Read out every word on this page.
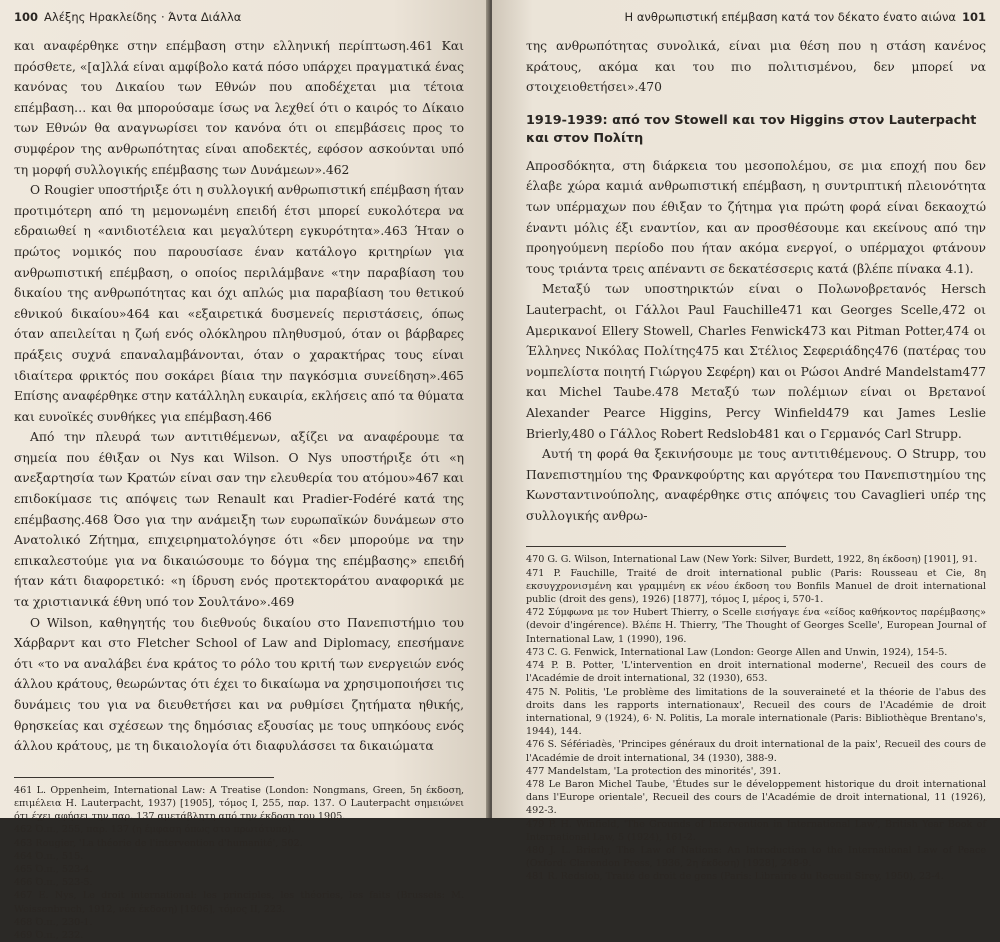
100 Αλέξης Ηρακλείδης · Άντα Διάλλα

και αναφέρθηκε στην επέμβαση στην ελληνική περίπτωση.461 Και πρόσθετε, «[α]λλά είναι αμφίβολο κατά πόσο υπάρχει πραγματικά ένας κανόνας του Δικαίου των Εθνών που αποδέχεται μια τέτοια επέμβαση… και θα μπορούσαμε ίσως να λεχθεί ότι ο καιρός το Δίκαιο των Εθνών θα αναγνωρίσει τον κανόνα ότι οι επεμβάσεις προς το συμφέρον της ανθρωπότητας είναι αποδεκτές, εφόσον ασκούνται υπό τη μορφή συλλογικής επέμβασης των Δυνάμεων».462

Ο Rougier υποστήριξε ότι η συλλογική ανθρωπιστική επέμβαση ήταν προτιμότερη από τη μεμονωμένη επειδή έτσι μπορεί ευκολότερα να εδραιωθεί η «ανιδιοτέλεια και μεγαλύτερη εγκυρότητα».463 Ήταν ο πρώτος νομικός που παρουσίασε έναν κατάλογο κριτηρίων για ανθρωπιστική επέμβαση, ο οποίος περιλάμβανε «την παραβίαση του δικαίου της ανθρωπότητας και όχι απλώς μια παραβίαση του θετικού εθνικού δικαίου»464 και «εξαιρετικά δυσμενείς περιστάσεις, όπως όταν απειλείται η ζωή ενός ολόκληρου πληθυσμού, όταν οι βάρβαρες πράξεις συχνά επαναλαμβάνονται, όταν ο χαρακτήρας τους είναι ιδιαίτερα φρικτός που σοκάρει βίαια την παγκόσμια συνείδηση».465 Επίσης αναφέρθηκε στην κατάλληλη ευκαιρία, εκλήσεις από τα θύματα και ευνοϊκές συνθήκες για επέμβαση.466

Από την πλευρά των αντιτιθέμενων, αξίζει να αναφέρουμε τα σημεία που έθιξαν οι Nys και Wilson. Ο Nys υποστήριξε ότι «η ανεξαρτησία των Κρατών είναι σαν την ελευθερία του ατόμου»467 και επιδοκίμασε τις απόψεις των Renault και Pradier-Fodéré κατά της επέμβασης.468 Όσο για την ανάμειξη των ευρωπαϊκών δυνάμεων στο Ανατολικό Ζήτημα, επιχειρηματολόγησε ότι «δεν μπορούμε να την επικαλεστούμε για να δικαιώσουμε το δόγμα της επέμβασης» επειδή ήταν κάτι διαφορετικό: «η ίδρυση ενός προτεκτοράτου αναφορικά με τα χριστιανικά έθνη υπό τον Σουλτάνο».469

Ο Wilson, καθηγητής του διεθνούς δικαίου στο Πανεπιστήμιο του Χάρβαρντ και στο Fletcher School of Law and Diplomacy, επεσήμανε ότι «το να αναλάβει ένα κράτος το ρόλο του κριτή των ενεργειών ενός άλλου κράτους, θεωρώντας ότι έχει το δικαίωμα να χρησιμοποιήσει τις δυνάμεις του για να διευθετήσει και να ρυθμίσει ζητήματα ηθικής, θρησκείας και σχέσεων της δημόσιας εξουσίας με τους υπηκόους ενός άλλου κράτους, με τη δικαιολογία ότι διαφυλάσσει τα δικαιώματα

461 L. Oppenheim, International Law: A Treatise (London: Nongmans, Green, 5η έκδοση, επιμέλεια H. Lauterpacht, 1937) [1905], τόμος I, 255, παρ. 137. Ο Lauterpacht σημειώνει ότι έχει αφήσει την παρ. 137 αμετάβλητη από την έκδοση του 1905.

462 Ό.π., 255, παρ. 137 (η έμφαση όπως στο πρωτότυπο).

463 Rougier, 'La théorie de l'intervention d'humanité', 502.

464 Ό.π., 515.

465 Ό.π., 523-4.

466 Ό.π., 523-5.

467 E. Nys, Le droit international: les principles, les théories, les faits (Brussels: M. Weissenbruch, 1912, νέα έκδοση) [1906], τόμος II, 223.

468 Ό.π., 230-1.

469 Ό.π., 232.

Η ανθρωπιστική επέμβαση κατά τον δέκατο ένατο αιώνα 101

της ανθρωπότητας συνολικά, είναι μια θέση που η στάση κανένος κράτους, ακόμα και του πιο πολιτισμένου, δεν μπορεί να στοιχειοθετήσει».470

1919-1939: από τον Stowell και τον Higgins στον Lauterpacht και στον Πολίτη

Απροσδόκητα, στη διάρκεια του μεσοπολέμου, σε μια εποχή που δεν έλαβε χώρα καμιά ανθρωπιστική επέμβαση, η συντριπτική πλειονότητα των υπέρμαχων που έθιξαν το ζήτημα για πρώτη φορά είναι δεκαοχτώ έναντι μόλις έξι εναντίον, και αν προσθέσουμε και εκείνους από την προηγούμενη περίοδο που ήταν ακόμα ενεργοί, ο υπέρμαχοι φτάνουν τους τριάντα τρεις απέναντι σε δεκατέσσερις κατά (βλέπε πίνακα 4.1).

Μεταξύ των υποστηρικτών είναι ο Πολωνοβρετανός Hersch Lauterpacht, οι Γάλλοι Paul Fauchille471 και Georges Scelle,472 οι Αμερικανοί Ellery Stowell, Charles Fenwick473 και Pitman Potter,474 οι Έλληνες Νικόλας Πολίτης475 και Στέλιος Σεφεριάδης476 (πατέρας του νομπελίστα ποιητή Γιώργου Σεφέρη) και οι Ρώσοι André Mandelstam477 και Michel Taube.478 Μεταξύ των πολέμιων είναι οι Βρετανοί Alexander Pearce Higgins, Percy Winfield479 και James Leslie Brierly,480 ο Γάλλος Robert Redslob481 και ο Γερμανός Carl Strupp.

Αυτή τη φορά θα ξεκινήσουμε με τους αντιτιθέμενους. Ο Strupp, του Πανεπιστημίου της Φρανκφούρτης και αργότερα του Πανεπιστημίου της Κωνσταντινούπολης, αναφέρθηκε στις απόψεις του Cavaglieri υπέρ της συλλογικής ανθρω-

470 G. G. Wilson, International Law (New York: Silver, Burdett, 1922, 8η έκδοση) [1901], 91.

471 P. Fauchille, Traité de droit international public (Paris: Rousseau et Cie, 8η εκσυγχρονισμένη και γραμμένη εκ νέου έκδοση του Bonfils Manuel de droit international public (droit des gens), 1926) [1877], τόμος I, μέρος i, 570-1.

472 Σύμφωνα με τον Hubert Thierry, ο Scelle εισήγαγε ένα «είδος καθήκοντος παρέμβασης» (devoir d'ingérence). Βλέπε H. Thierry, 'The Thought of Georges Scelle', European Journal of International Law, 1 (1990), 196.

473 C. G. Fenwick, International Law (London: George Allen and Unwin, 1924), 154-5.

474 P. B. Potter, 'L'intervention en droit international moderne', Recueil des cours de l'Académie de droit international, 32 (1930), 653.

475 N. Politis, 'Le problème des limitations de la souveraineté et la théorie de l'abus des droits dans les rapports internationaux', Recueil des cours de l'Académie de droit international, 9 (1924), 6· N. Politis, La morale internationale (Paris: Bibliothèque Brentano's, 1944), 144.

476 S. Séfériadès, 'Principes généraux du droit international de la paix', Recueil des cours de l'Académie de droit international, 34 (1930), 388-9.

477 Mandelstam, 'La protection des minorités', 391.

478 Le Baron Michel Taube, 'Études sur le développement historique du droit international dans l'Europe orientale', Recueil des cours de l'Académie de droit international, 11 (1926), 492-3.

479 P. H. Winfield, 'The Grounds of Intervention in International Law', British Year Book of International Law, 5 (1924), 161-2.

480 J. L. Brierly, The Law of Nations: An Introduction to the International Law of Peace (Oxford: Clarendon Press, 1936, 2η έκδοση) [1928], 248-9.

481 R. Redslob, Traité de droit de gens (Paris: Librairie du Recueil Sirey, 1950), 23-4.
